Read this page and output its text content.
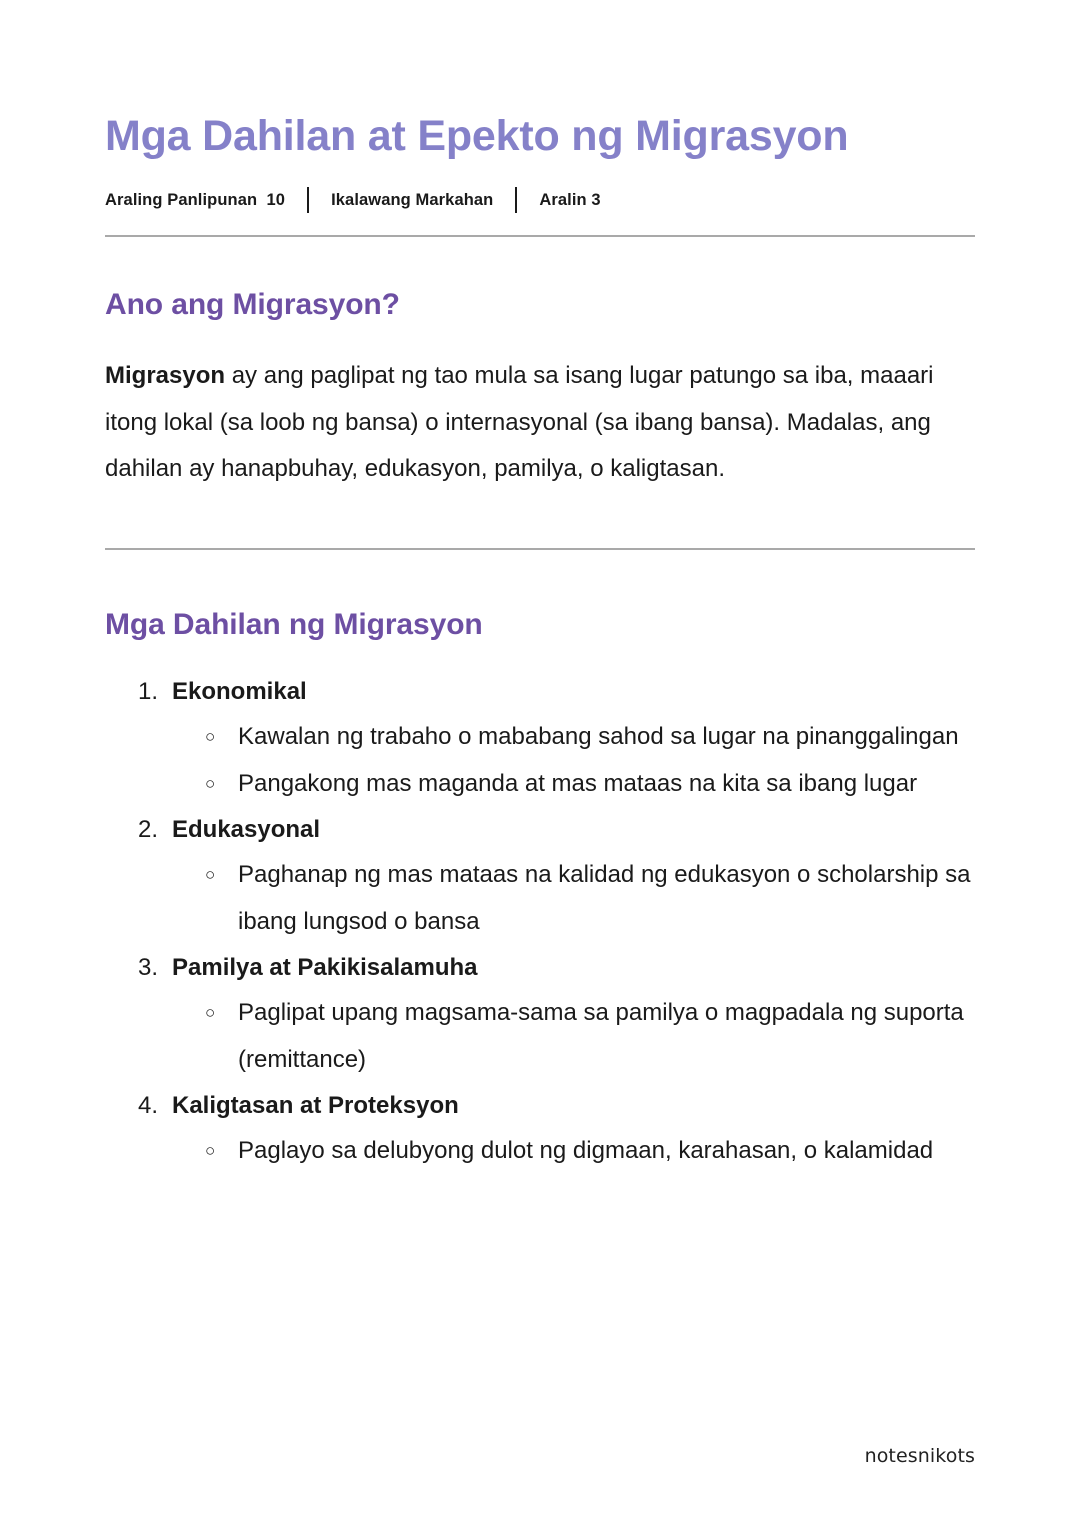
Mga Dahilan at Epekto ng Migrasyon
Araling Panlipunan  10	Ikalawang Markahan	Aralin 3
Ano ang Migrasyon?

Migrasyon ay ang paglipat ng tao mula sa isang lugar patungo sa iba, maaari itong lokal (sa loob ng bansa) o internasyonal (sa ibang bansa). Madalas, ang dahilan ay hanapbuhay, edukasyon, pamilya, o kaligtasan.

Mga Dahilan ng Migrasyon
1. Ekonomikal
○ Kawalan ng trabaho o mababang sahod sa lugar na pinanggalingan
○ Pangakong mas maganda at mas mataas na kita sa ibang lugar
2. Edukasyonal
○ Paghanap ng mas mataas na kalidad ng edukasyon o scholarship sa ibang lungsod o bansa
3. Pamilya at Pakikisalamuha
○ Paglipat upang magsama-sama sa pamilya o magpadala ng suporta (remittance)
4. Kaligtasan at Proteksyon
○ Paglayo sa delubyong dulot ng digmaan, karahasan, o kalamidad
notesnikots
